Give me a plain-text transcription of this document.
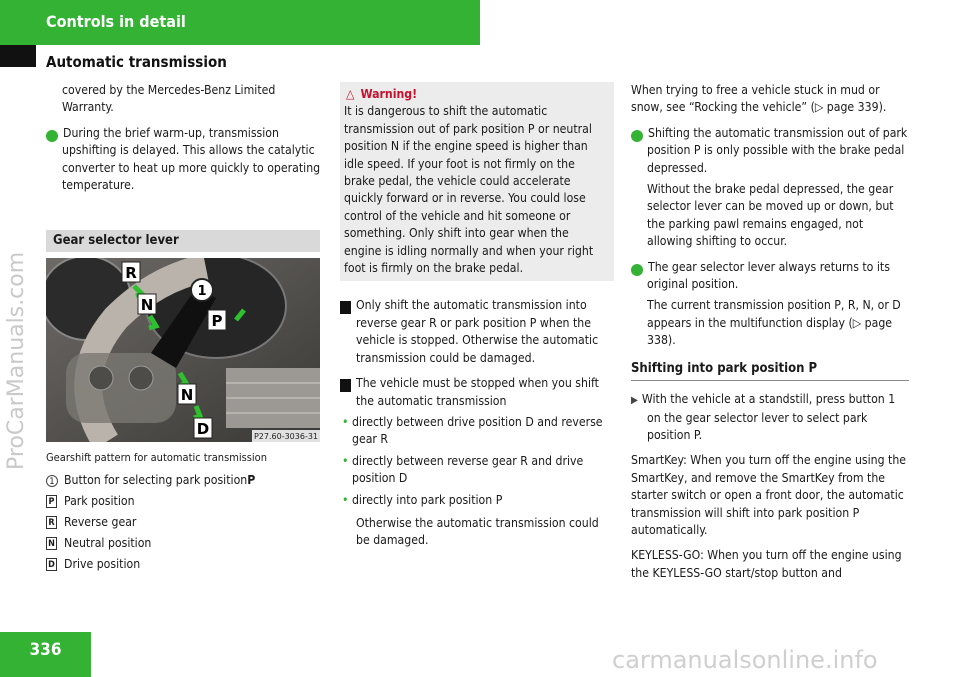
Controls in detail
Automatic transmission

covered by the Mercedes-Benz Limited Warranty.

i During the brief warm-up, transmission upshifting is delayed. This allows the catalytic converter to heat up more quickly to operating temperature.

Gear selector lever
R
N
1
P
N
D	P27.60-3036-31
Gearshift pattern for automatic transmission
1 Button for selecting park position P
P Park position
R Reverse gear
N Neutral position
D Drive position
△ Warning!
It is dangerous to shift the automatic transmission out of park position P or neutral position N if the engine speed is higher than idle speed. If your foot is not firmly on the brake pedal, the vehicle could accelerate quickly forward or in reverse. You could lose control of the vehicle and hit someone or something. Only shift into gear when the engine is idling normally and when your right foot is firmly on the brake pedal.

! Only shift the automatic transmission into reverse gear R or park position P when the vehicle is stopped. Otherwise the automatic transmission could be damaged.

! The vehicle must be stopped when you shift the automatic transmission

• directly between drive position D and reverse gear R

• directly between reverse gear R and drive position D

• directly into park position P

Otherwise the automatic transmission could be damaged.

When trying to free a vehicle stuck in mud or snow, see “Rocking the vehicle” (▷ page 339).

i Shifting the automatic transmission out of park position P is only possible with the brake pedal depressed.

Without the brake pedal depressed, the gear selector lever can be moved up or down, but the parking pawl remains engaged, not allowing shifting to occur.

i The gear selector lever always returns to its original position.

The current transmission position P, R, N, or D appears in the multifunction display (▷ page 338).

Shifting into park position P

▶ With the vehicle at a standstill, press button 1 on the gear selector lever to select park position P.

SmartKey: When you turn off the engine using the SmartKey, and remove the SmartKey from the starter switch or open a front door, the automatic transmission will shift into park position P automatically.

KEYLESS-GO: When you turn off the engine using the KEYLESS-GO start/stop button and

336
ProCarManuals.com
carmanualsonline.info
